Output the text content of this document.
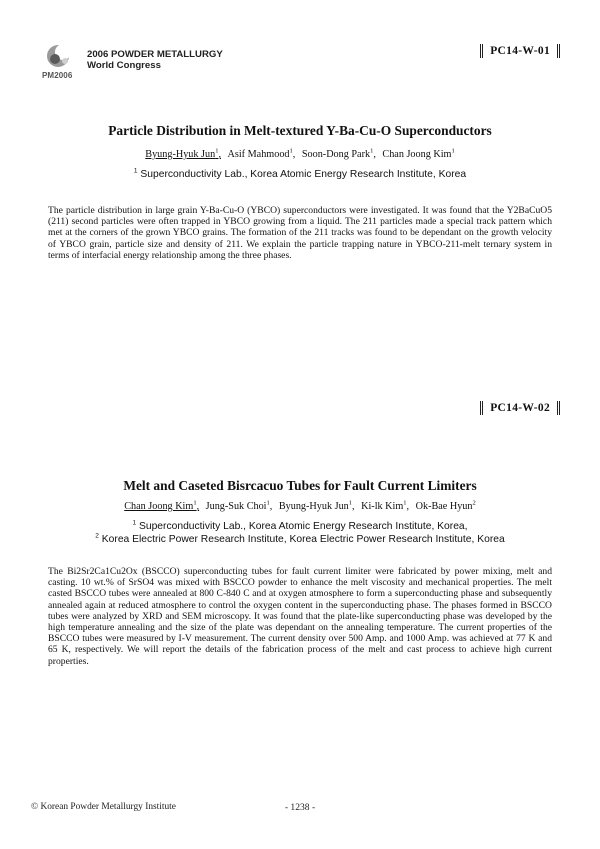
PM2006
2006 POWDER METALLURGY
World Congress
PC14-W-01
Particle Distribution in Melt-textured Y-Ba-Cu-O Superconductors
Byung-Hyuk Jun$^1$, Asif Mahmood$^1$, Soon-Dong Park$^1$, Chan Joong Kim$^1$
$^1$ Superconductivity Lab., Korea Atomic Energy Research Institute, Korea
The particle distribution in large grain Y-Ba-Cu-O (YBCO) superconductors were investigated. It was found that the Y2BaCuO5 (211) second particles were often trapped in YBCO growing from a liquid. The 211 particles made a special track pattern which met at the corners of the grown YBCO grains. The formation of the 211 tracks was found to be dependant on the growth velocity of YBCO grain, particle size and density of 211. We explain the particle trapping nature in YBCO-211-melt ternary system in terms of interfacial energy relationship among the three phases.
PC14-W-02
Melt and Caseted Bisrcacuo Tubes for Fault Current Limiters
Chan Joong Kim$^1$, Jung-Suk Choi$^1$, Byung-Hyuk Jun$^1$, Ki-lk Kim$^1$, Ok-Bae Hyun$^2$
$^1$ Superconductivity Lab., Korea Atomic Energy Research Institute, Korea,
$^2$ Korea Electric Power Research Institute, Korea Electric Power Research Institute, Korea
The Bi2Sr2Ca1Cu2Ox (BSCCO) superconducting tubes for fault current limiter were fabricated by power mixing, melt and casting. 10 wt.% of SrSO4 was mixed with BSCCO powder to enhance the melt viscosity and mechanical properties. The melt casted BSCCO tubes were annealed at 800 C-840 C and at oxygen atmosphere to form a superconducting phase and subsequently annealed again at reduced atmosphere to control the oxygen content in the superconducting phase. The phases formed in BSCCO tubes were analyzed by XRD and SEM microscopy. It was found that the plate-like superconducting phase was developed by the high temperature annealing and the size of the plate was dependant on the annealing temperature. The current properties of the BSCCO tubes were measured by I-V measurement. The current density over 500 Amp. and 1000 Amp. was achieved at 77 K and 65 K, respectively. We will report the details of the fabrication process of the melt and cast process to achieve high current properties.
© Korean Powder Metallurgy Institute	- 1238 -
